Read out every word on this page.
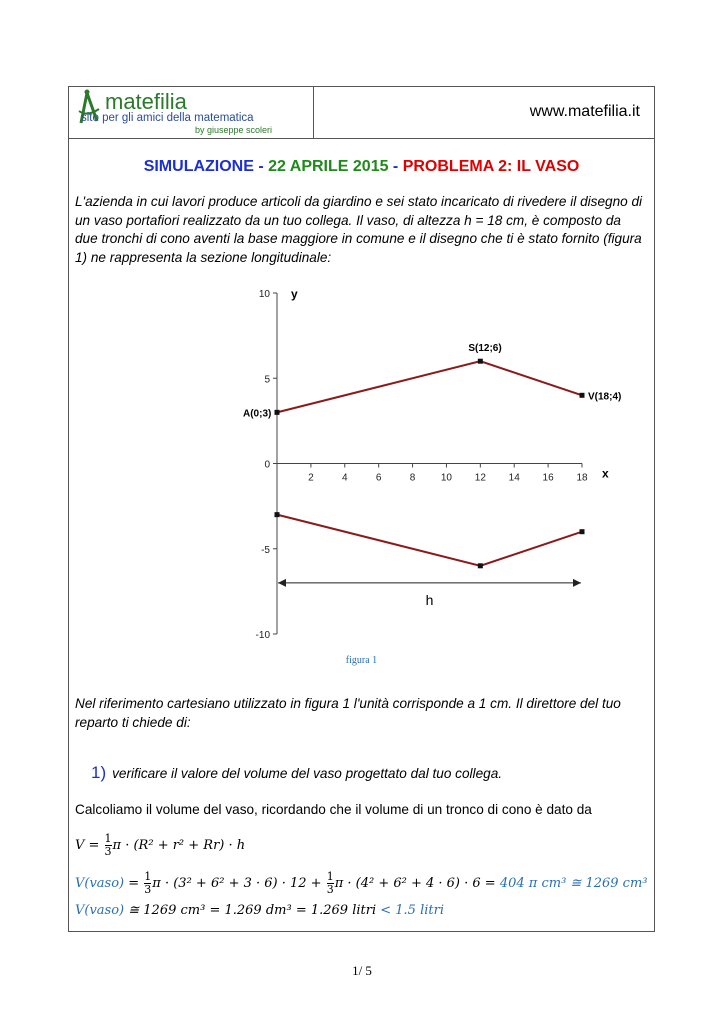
matefilia
sito per gli amici della matematica
by giuseppe scoleri
www.matefilia.it
SIMULAZIONE - 22 APRILE 2015 - PROBLEMA 2: IL VASO
L'azienda in cui lavori produce articoli da giardino e sei stato incaricato di rivedere il disegno di un vaso portafiori realizzato da un tuo collega. Il vaso, di altezza h = 18 cm, è composto da due tronchi di cono aventi la base maggiore in comune e il disegno che ti è stato fornito (figura 1) ne rappresenta la sezione longitudinale:
2	4	6	8	10 12 14 16 18
10
5
0
-5
-10
y
x
A(0;3)
S(12;6)
V(18;4)
h
figura 1
Nel riferimento cartesiano utilizzato in figura 1 l'unità corrisponde a 1 cm. Il direttore del tuo reparto ti chiede di:
1) verificare il valore del volume del vaso progettato dal tuo collega.
Calcoliamo il volume del vaso, ricordando che il volume di un tronco di cono è dato da
$V = \frac{1}{3}$ π · (R² + r² + Rr) · h
V(vaso) = $\frac{1}{3}$ $\pi \cdot (3^2 + 6^2 + 3 \cdot 6) \cdot 12 + \frac{1}{3}$ π · (4² + 6² + 4 · 6) · 6 = 404 π cm³ ≅ 1269 cm³
V(vaso) ≅ 1269 cm³ = 1.269 dm³ = 1.269 litri < 1.5 litri
1/ 5
